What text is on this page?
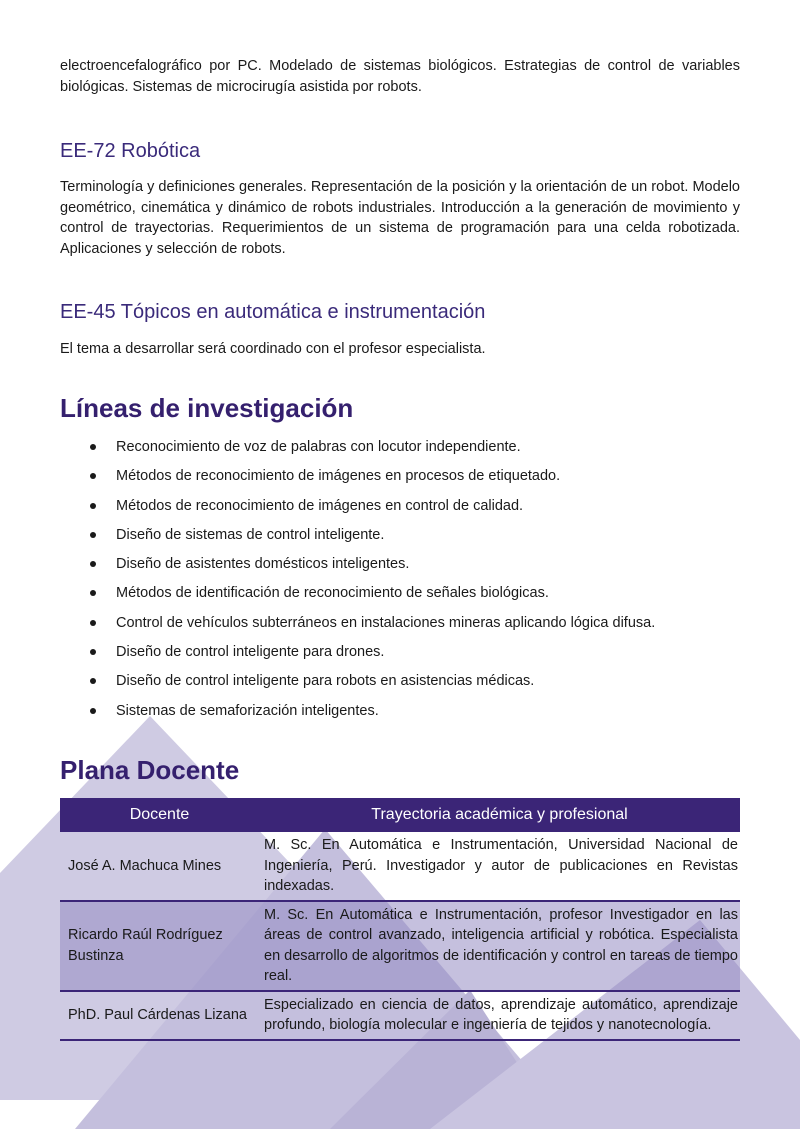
electroencefalográfico por PC. Modelado de sistemas biológicos. Estrategias de control de variables biológicas. Sistemas de microcirugía asistida por robots.

EE-72 Robótica

Terminología y definiciones generales. Representación de la posición y la orientación de un robot. Modelo geométrico, cinemática y dinámico de robots industriales. Introducción a la generación de movimiento y control de trayectorias. Requerimientos de un sistema de programación para una celda robotizada. Aplicaciones y selección de robots.

EE-45 Tópicos en automática e instrumentación

El tema a desarrollar será coordinado con el profesor especialista.

Líneas de investigación
Reconocimiento de voz de palabras con locutor independiente.
Métodos de reconocimiento de imágenes en procesos de etiquetado.
Métodos de reconocimiento de imágenes en control de calidad.
Diseño de sistemas de control inteligente.
Diseño de asistentes domésticos inteligentes.
Métodos de identificación de reconocimiento de señales biológicas.
Control de vehículos subterráneos en instalaciones mineras aplicando lógica difusa.
Diseño de control inteligente para drones.
Diseño de control inteligente para robots en asistencias médicas.
Sistemas de semaforización inteligentes.
Plana Docente
Docente	Trayectoria académica y profesional
José A. Machuca Mines	M. Sc. En Automática e Instrumentación, Universidad Nacional de Ingeniería, Perú. Investigador y autor de publicaciones en Revistas indexadas.
Ricardo Raúl Rodríguez Bustinza	M. Sc. En Automática e Instrumentación, profesor Investigador en las áreas de control avanzado, inteligencia artificial y robótica. Especialista en desarrollo de algoritmos de identificación y control en tareas de tiempo real.
PhD. Paul Cárdenas Lizana	Especializado en ciencia de datos, aprendizaje automático, aprendizaje profundo, biología molecular e ingeniería de tejidos y nanotecnología.
